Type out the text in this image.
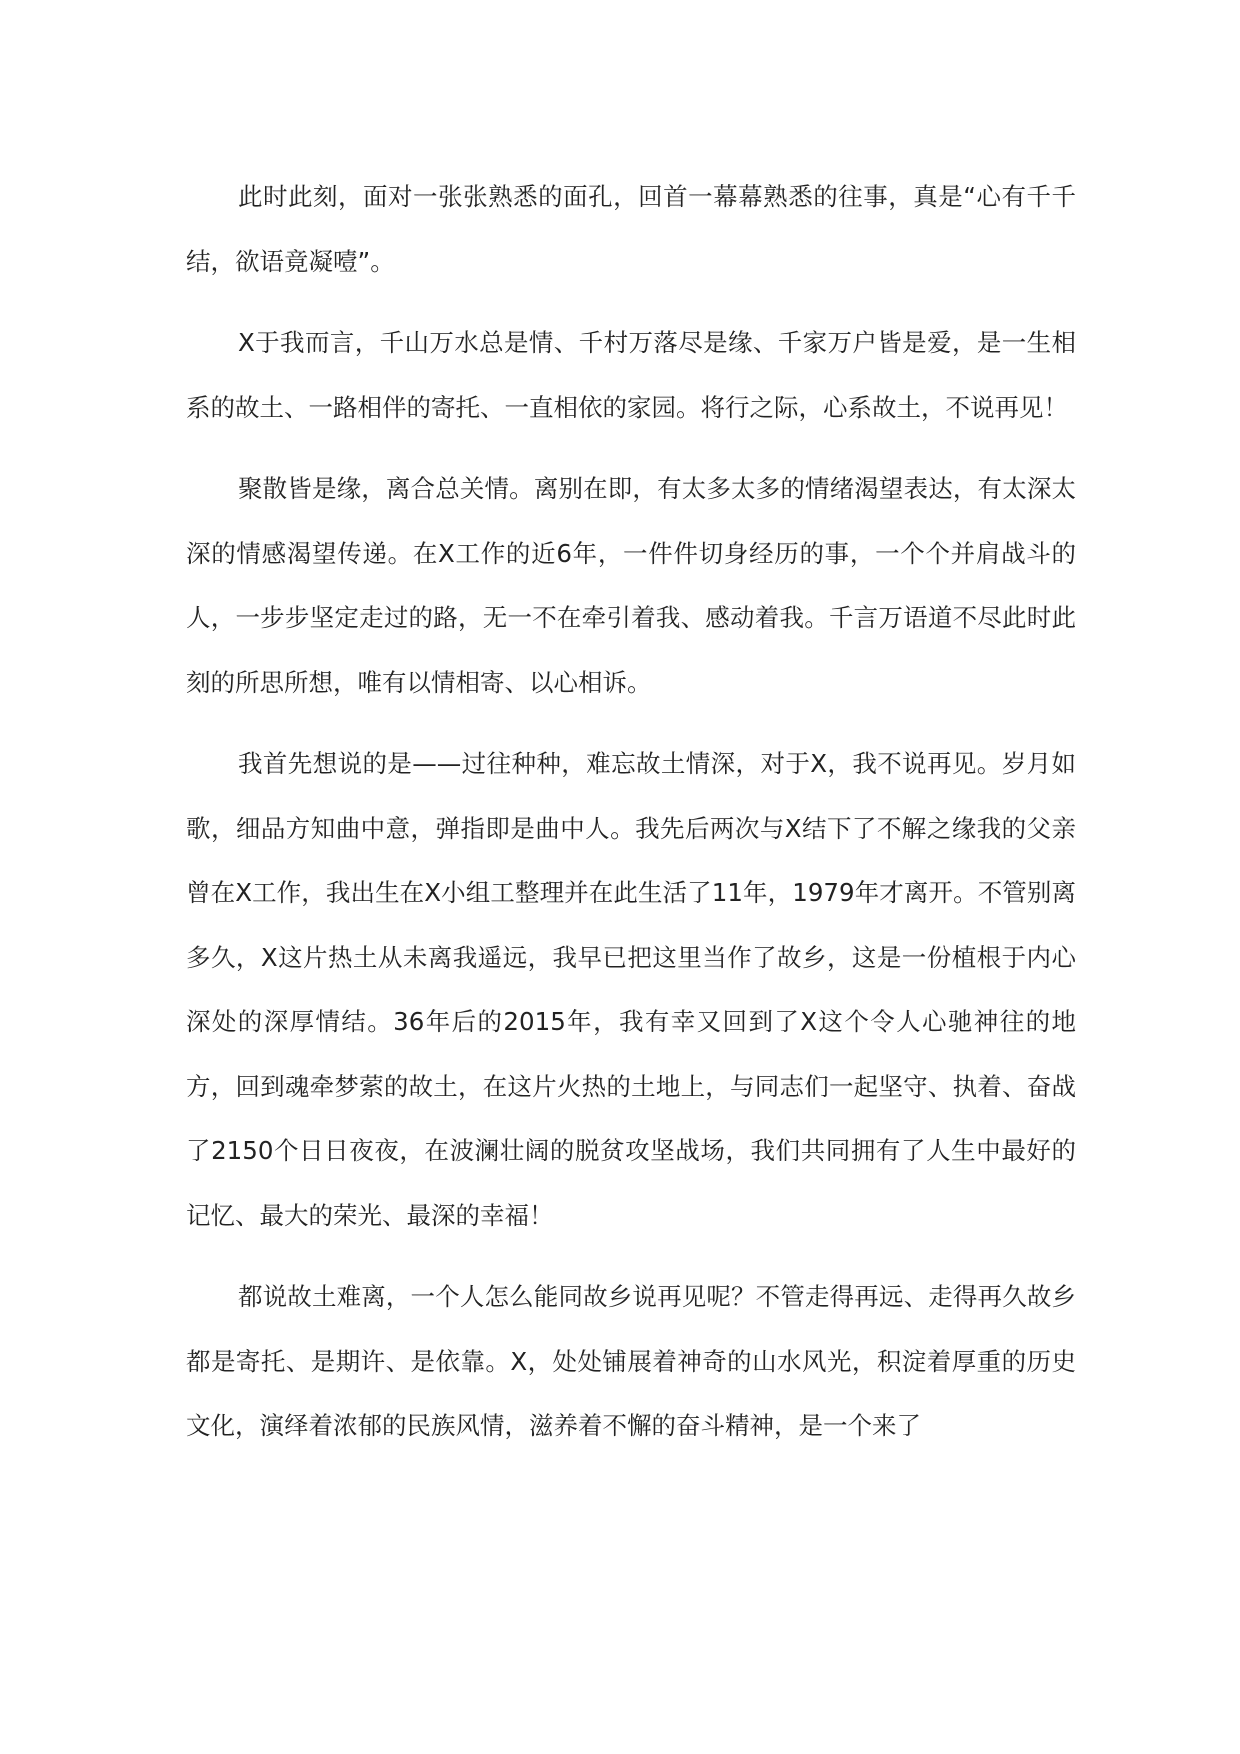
此时此刻，面对一张张熟悉的面孔，回首一幕幕熟悉的往事，真是“心有千千结，欲语竟凝噎”。

X于我而言，千山万水总是情、千村万落尽是缘、千家万户皆是爱，是一生相系的故土、一路相伴的寄托、一直相依的家园。将行之际，心系故土，不说再见！

聚散皆是缘，离合总关情。离别在即，有太多太多的情绪渴望表达，有太深太深的情感渴望传递。在X工作的近6年，一件件切身经历的事，一个个并肩战斗的人，一步步坚定走过的路，无一不在牵引着我、感动着我。千言万语道不尽此时此刻的所思所想，唯有以情相寄、以心相诉。

我首先想说的是——过往种种，难忘故土情深，对于X，我不说再见。岁月如歌，细品方知曲中意，弹指即是曲中人。我先后两次与X结下了不解之缘我的父亲曾在X工作，我出生在X小组工整理并在此生活了11年，1979年才离开。不管别离多久，X这片热土从未离我遥远，我早已把这里当作了故乡，这是一份植根于内心深处的深厚情结。36年后的2015年，我有幸又回到了X这个令人心驰神往的地方，回到魂牵梦萦的故土，在这片火热的土地上，与同志们一起坚守、执着、奋战了2150个日日夜夜，在波澜壮阔的脱贫攻坚战场，我们共同拥有了人生中最好的记忆、最大的荣光、最深的幸福！

都说故土难离，一个人怎么能同故乡说再见呢？不管走得再远、走得再久故乡都是寄托、是期许、是依靠。X，处处铺展着神奇的山水风光，积淀着厚重的历史文化，演绎着浓郁的民族风情，滋养着不懈的奋斗精神，是一个来了
